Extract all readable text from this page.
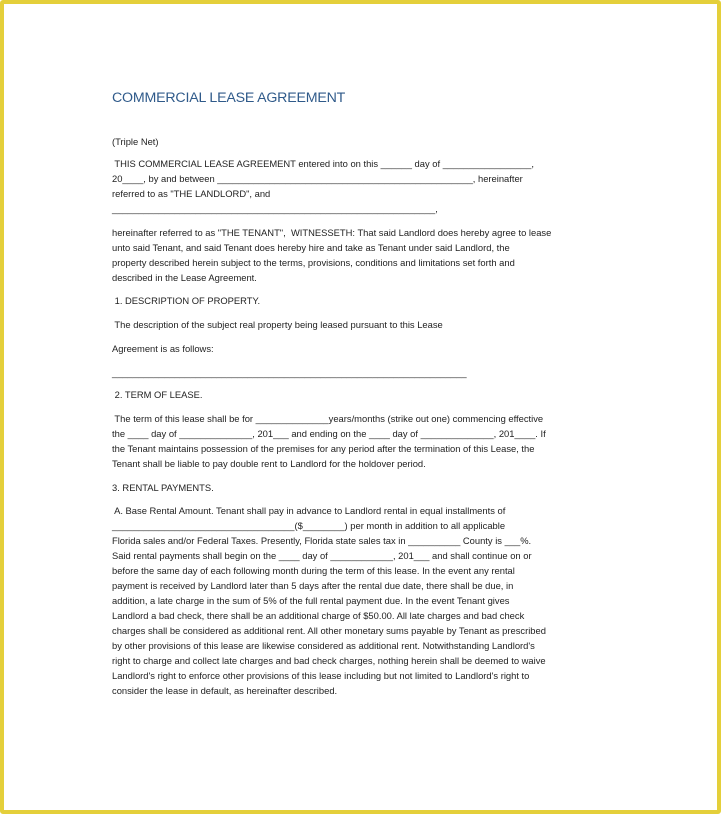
COMMERCIAL LEASE AGREEMENT
(Triple Net)
THIS COMMERCIAL LEASE AGREEMENT entered into on this ______ day of _________________,
20____, by and between _________________________________________________, hereinafter
referred to as "THE LANDLORD", and
______________________________________________________________,
hereinafter referred to as "THE TENANT",  WITNESSETH: That said Landlord does hereby agree to lease
unto said Tenant, and said Tenant does hereby hire and take as Tenant under said Landlord, the
property described herein subject to the terms, provisions, conditions and limitations set forth and
described in the Lease Agreement.
1. DESCRIPTION OF PROPERTY.
The description of the subject real property being leased pursuant to this Lease
Agreement is as follows:
____________________________________________________________________
2. TERM OF LEASE.
The term of this lease shall be for ______________years/months (strike out one) commencing effective
the ____ day of ______________, 201___ and ending on the ____ day of ______________, 201____. If
the Tenant maintains possession of the premises for any period after the termination of this Lease, the
Tenant shall be liable to pay double rent to Landlord for the holdover period.
3. RENTAL PAYMENTS.
A. Base Rental Amount. Tenant shall pay in advance to Landlord rental in equal installments of
___________________________________($________) per month in addition to all applicable
Florida sales and/or Federal Taxes. Presently, Florida state sales tax in __________ County is ___%.
Said rental payments shall begin on the ____ day of ____________, 201___ and shall continue on or
before the same day of each following month during the term of this lease. In the event any rental
payment is received by Landlord later than 5 days after the rental due date, there shall be due, in
addition, a late charge in the sum of 5% of the full rental payment due. In the event Tenant gives
Landlord a bad check, there shall be an additional charge of $50.00. All late charges and bad check
charges shall be considered as additional rent. All other monetary sums payable by Tenant as prescribed
by other provisions of this lease are likewise considered as additional rent. Notwithstanding Landlord's
right to charge and collect late charges and bad check charges, nothing herein shall be deemed to waive
Landlord's right to enforce other provisions of this lease including but not limited to Landlord's right to
consider the lease in default, as hereinafter described.
